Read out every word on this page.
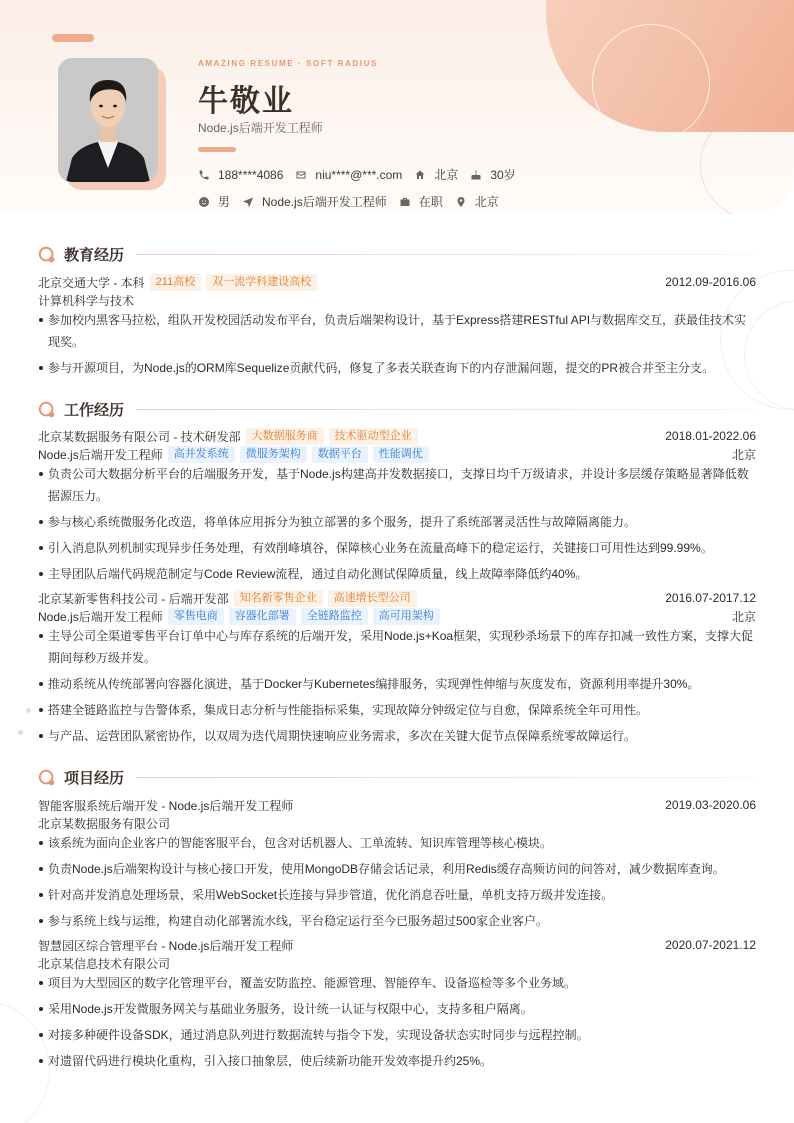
AMAZING RESUME · SOFT RADIUS
牛敬业
Node.js后端开发工程师
188****4086	niu****@***.com	北京	30岁
男	Node.js后端开发工程师	在职	北京
教育经历
北京交通大学 - 本科	211高校	双一流学科建设高校	2012.09-2016.06
计算机科学与技术
参加校内黑客马拉松，组队开发校园活动发布平台，负责后端架构设计，基于Express搭建RESTful API与数据库交互，获最佳技术实现奖。
参与开源项目，为Node.js的ORM库Sequelize贡献代码，修复了多表关联查询下的内存泄漏问题，提交的PR被合并至主分支。
工作经历
北京某数据服务有限公司 - 技术研发部	大数据服务商	技术驱动型企业	2018.01-2022.06
Node.js后端开发工程师	高并发系统	微服务架构	数据平台	性能调优	北京
负责公司大数据分析平台的后端服务开发，基于Node.js构建高并发数据接口，支撑日均千万级请求，并设计多层缓存策略显著降低数据源压力。
参与核心系统微服务化改造，将单体应用拆分为独立部署的多个服务，提升了系统部署灵活性与故障隔离能力。
引入消息队列机制实现异步任务处理，有效削峰填谷，保障核心业务在流量高峰下的稳定运行，关键接口可用性达到99.99%。
主导团队后端代码规范制定与Code Review流程，通过自动化测试保障质量，线上故障率降低约40%。
北京某新零售科技公司 - 后端开发部	知名新零售企业	高速增长型公司	2016.07-2017.12
Node.js后端开发工程师	零售电商	容器化部署	全链路监控	高可用架构	北京
主导公司全渠道零售平台订单中心与库存系统的后端开发，采用Node.js+Koa框架，实现秒杀场景下的库存扣减一致性方案，支撑大促期间每秒万级并发。
推动系统从传统部署向容器化演进，基于Docker与Kubernetes编排服务，实现弹性伸缩与灰度发布，资源利用率提升30%。
搭建全链路监控与告警体系，集成日志分析与性能指标采集，实现故障分钟级定位与自愈，保障系统全年可用性。
与产品、运营团队紧密协作，以双周为迭代周期快速响应业务需求，多次在关键大促节点保障系统零故障运行。
项目经历
智能客服系统后端开发 - Node.js后端开发工程师	2019.03-2020.06
北京某数据服务有限公司
该系统为面向企业客户的智能客服平台，包含对话机器人、工单流转、知识库管理等核心模块。
负责Node.js后端架构设计与核心接口开发，使用MongoDB存储会话记录，利用Redis缓存高频访问的问答对，减少数据库查询。
针对高并发消息处理场景，采用WebSocket长连接与异步管道，优化消息吞吐量，单机支持万级并发连接。
参与系统上线与运维，构建自动化部署流水线，平台稳定运行至今已服务超过500家企业客户。
智慧园区综合管理平台 - Node.js后端开发工程师	2020.07-2021.12
北京某信息技术有限公司
项目为大型园区的数字化管理平台，覆盖安防监控、能源管理、智能停车、设备巡检等多个业务域。
采用Node.js开发微服务网关与基础业务服务，设计统一认证与权限中心，支持多租户隔离。
对接多种硬件设备SDK，通过消息队列进行数据流转与指令下发，实现设备状态实时同步与远程控制。
对遗留代码进行模块化重构，引入接口抽象层，使后续新功能开发效率提升约25%。
